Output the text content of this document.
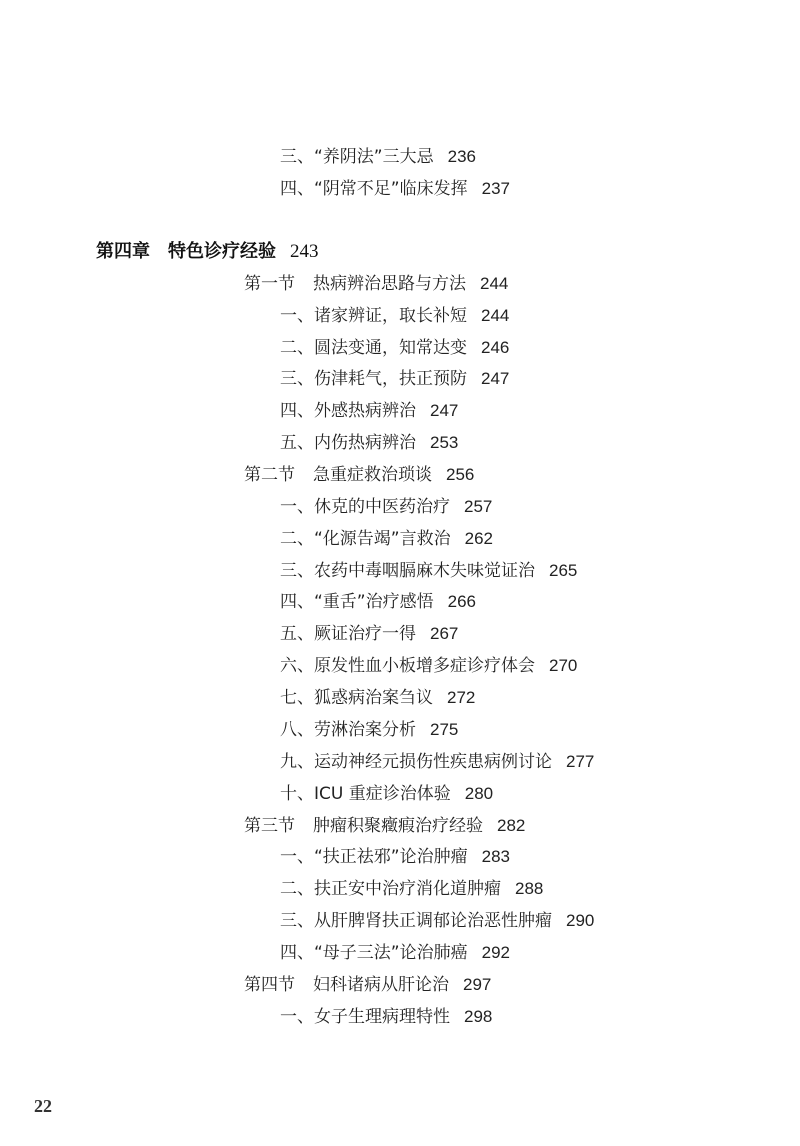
三、“养阴法”三大忌 236
四、“阴常不足”临床发挥 237
第四章 特色诊疗经验 243
第一节 热病辨治思路与方法 244
一、诸家辨证，取长补短 244
二、圆法变通，知常达变 246
三、伤津耗气，扶正预防 247
四、外感热病辨治 247
五、内伤热病辨治 253
第二节 急重症救治琐谈 256
一、休克的中医药治疗 257
二、“化源告竭”言救治 262
三、农药中毒咽膈麻木失味觉证治 265
四、“重舌”治疗感悟 266
五、厥证治疗一得 267
六、原发性血小板增多症诊疗体会 270
七、狐惑病治案刍议 272
八、劳淋治案分析 275
九、运动神经元损伤性疾患病例讨论 277
十、ICU 重症诊治体验 280
第三节 肿瘤积聚癥瘕治疗经验 282
一、“扶正祛邪”论治肿瘤 283
二、扶正安中治疗消化道肿瘤 288
三、从肝脾肾扶正调郁论治恶性肿瘤 290
四、“母子三法”论治肺癌 292
第四节 妇科诸病从肝论治 297
一、女子生理病理特性 298
22
